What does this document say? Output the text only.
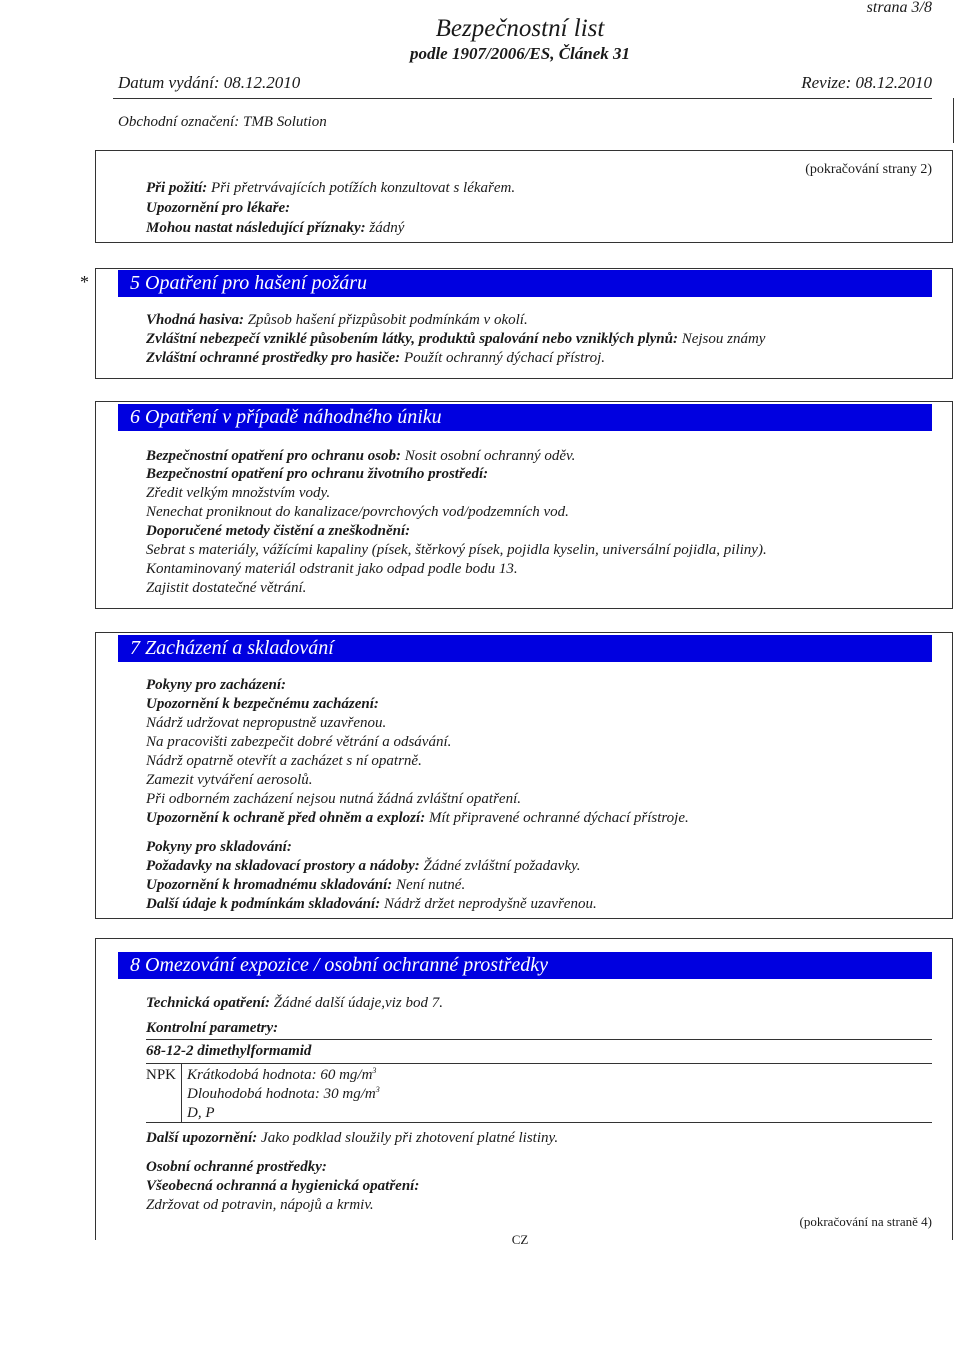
strana 3/8
Bezpečnostní list
podle 1907/2006/ES, Článek 31
Datum vydání: 08.12.2010	Revize: 08.12.2010
Obchodní označení: TMB Solution
(pokračování strany 2)
Při požití: Při přetrvávajících potížích konzultovat s lékařem.
Upozornění pro lékaře:
Mohou nastat následující příznaky: žádný
*	5 Opatření pro hašení požáru
Vhodná hasiva: Způsob hašení přizpůsobit podmínkám v okolí.
Zvláštní nebezpečí vzniklé působením látky, produktů spalování nebo vzniklých plynů: Nejsou známy
Zvláštní ochranné prostředky pro hasiče: Použít ochranný dýchací přístroj.
6 Opatření v případě náhodného úniku
Bezpečnostní opatření pro ochranu osob: Nosit osobní ochranný oděv.
Bezpečnostní opatření pro ochranu životního prostředí:
Zředit velkým množstvím vody.
Nenechat proniknout do kanalizace/povrchových vod/podzemních vod.
Doporučené metody čistění a zneškodnění:
Sebrat s materiály, vážícími kapaliny (písek, štěrkový písek, pojidla kyselin, universální pojidla, piliny).
Kontaminovaný materiál odstranit jako odpad podle bodu 13.
Zajistit dostatečné větrání.
7 Zacházení a skladování
Pokyny pro zacházení:
Upozornění k bezpečnému zacházení:
Nádrž udržovat nepropustně uzavřenou.
Na pracovišti zabezpečit dobré větrání a odsávání.
Nádrž opatrně otevřít a zacházet s ní opatrně.
Zamezit vytváření aerosolů.
Při odborném zacházení nejsou nutná žádná zvláštní opatření.
Upozornění k ochraně před ohněm a explozí: Mít připravené ochranné dýchací přístroje.
Pokyny pro skladování:
Požadavky na skladovací prostory a nádoby: Žádné zvláštní požadavky.
Upozornění k hromadnému skladování: Není nutné.
Další údaje k podmínkám skladování: Nádrž držet neprodyšně uzavřenou.
8 Omezování expozice / osobní ochranné prostředky
Technická opatření: Žádné další údaje,viz bod 7.
Kontrolní parametry:
68-12-2 dimethylformamid
NPK Krátkodobá hodnota: 60 $mg/m^3$
Dlouhodobá hodnota: 30 $mg/m^3$
D, P
Další upozornění: Jako podklad sloužily při zhotovení platné listiny.
Osobní ochranné prostředky:
Všeobecná ochranná a hygienická opatření:
Zdržovat od potravin, nápojů a krmiv.
(pokračování na straně 4)
CZ
